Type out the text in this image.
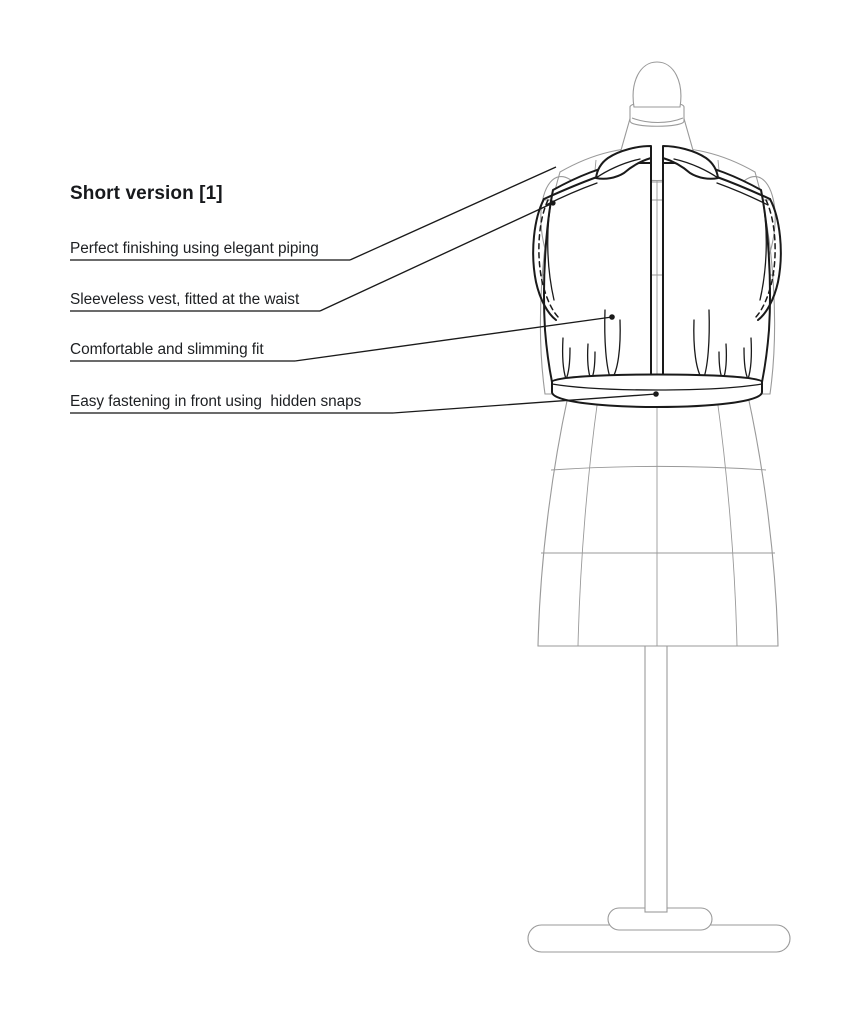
Short version [1]
Perfect finishing using elegant piping
Sleeveless vest, fitted at the waist
Comfortable and slimming fit
Easy fastening in front using  hidden snaps
